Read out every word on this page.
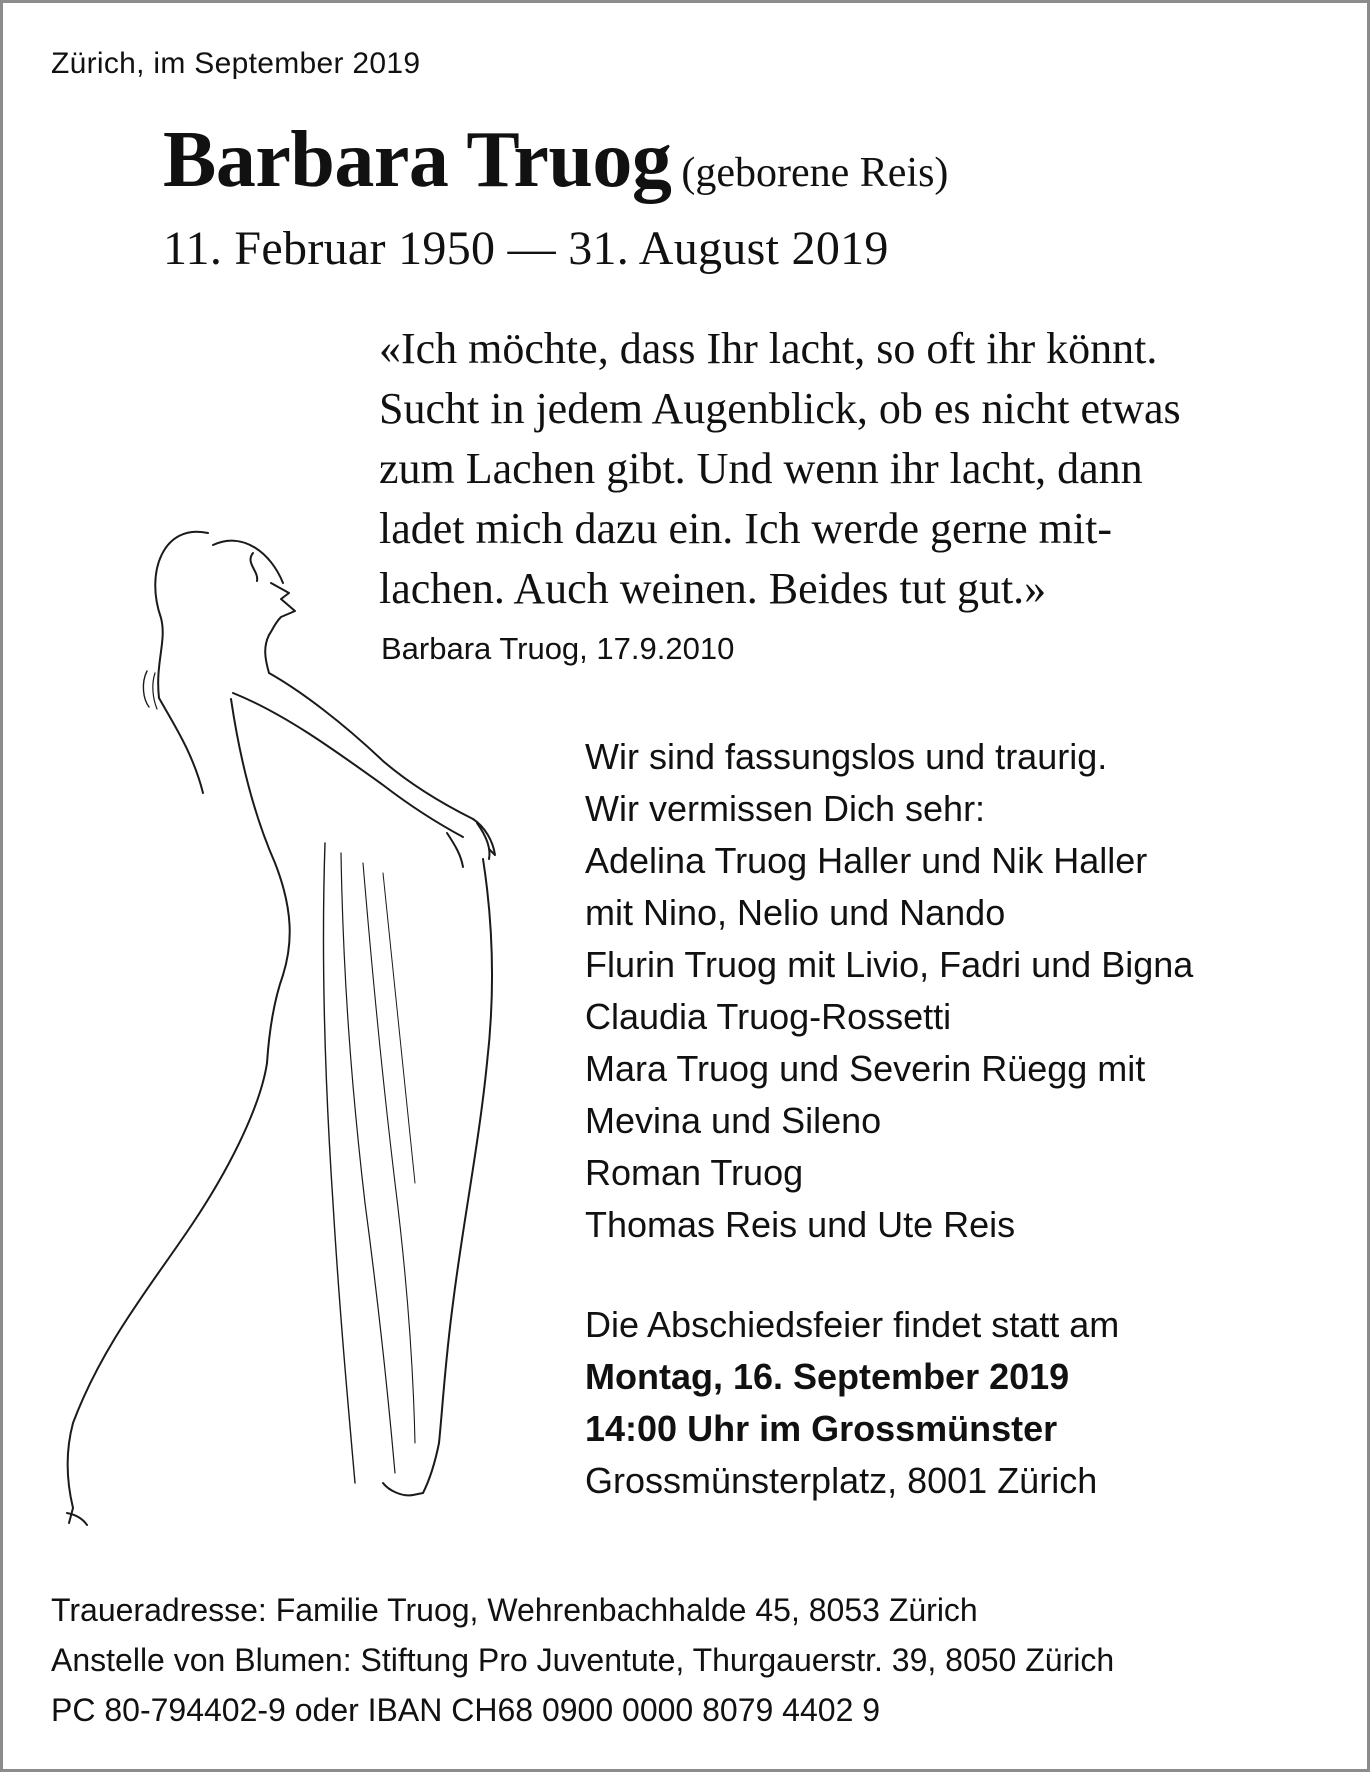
Zürich, im September 2019
Barbara Truog (geborene Reis)
11. Februar 1950 — 31. August 2019
«Ich möchte, dass Ihr lacht, so oft ihr könnt.
Sucht in jedem Augenblick, ob es nicht etwas
zum Lachen gibt. Und wenn ihr lacht, dann
ladet mich dazu ein. Ich werde gerne mit-
lachen. Auch weinen. Beides tut gut.»
Barbara Truog, 17.9.2010
Wir sind fassungslos und traurig.
Wir vermissen Dich sehr:
Adelina Truog Haller und Nik Haller
mit Nino, Nelio und Nando
Flurin Truog mit Livio, Fadri und Bigna
Claudia Truog-Rossetti
Mara Truog und Severin Rüegg mit
Mevina und Sileno
Roman Truog
Thomas Reis und Ute Reis
Die Abschiedsfeier findet statt am
Montag, 16. September 2019
14:00 Uhr im Grossmünster
Grossmünsterplatz, 8001 Zürich
Traueradresse: Familie Truog, Wehrenbachhalde 45, 8053 Zürich
Anstelle von Blumen: Stiftung Pro Juventute, Thurgauerstr. 39, 8050 Zürich
PC 80-794402-9 oder IBAN CH68 0900 0000 8079 4402 9
